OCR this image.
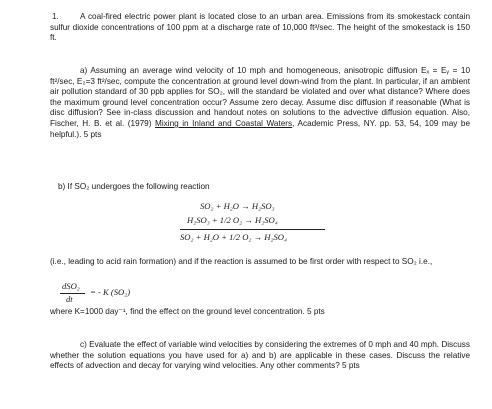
1.	A coal-fired electric power plant is located close to an urban area. Emissions from its smokestack contain sulfur dioxide concentrations of 100 ppm at a discharge rate of 10,000 ft³/sec. The height of the smokestack is 150 ft.
a) Assuming an average wind velocity of 10 mph and homogeneous, anisotropic diffusion Eₓ = Eᵧ = 10 ft²/sec, E₂=3 ft²/sec, compute the concentration at ground level down-wind from the plant. In particular, if an ambient air pollution standard of 30 ppb applies for SO₂, will the standard be violated and over what distance? Where does the maximum ground level concentration occur? Assume zero decay. Assume disc diffusion if reasonable (What is disc diffusion? See in-class discussion and handout notes on solutions to the advective diffusion equation. Also, Fischer, H. B. et al. (1979) Mixing in Inland and Coastal Waters, Academic Press, NY. pp. 53, 54, 109 may be helpful.). 5 pts
b) If SO₂ undergoes the following reaction
SO₂ + H₂O → H₂SO₃
H₂SO₃ + 1/2 O₂ → H₂SO₄
SO₂ + H₂O + 1/2 O₂ → H₂SO₄
(i.e., leading to acid rain formation) and if the reaction is assumed to be first order with respect to SO₂ i.e.,
dSO₂
dt
= - K (SO₂)
where K=1000 day⁻¹, find the effect on the ground level concentration. 5 pts
c) Evaluate the effect of variable wind velocities by considering the extremes of 0 mph and 40 mph. Discuss whether the solution equations you have used for a) and b) are applicable in these cases. Discuss the relative effects of advection and decay for varying wind velocities. Any other comments? 5 pts
